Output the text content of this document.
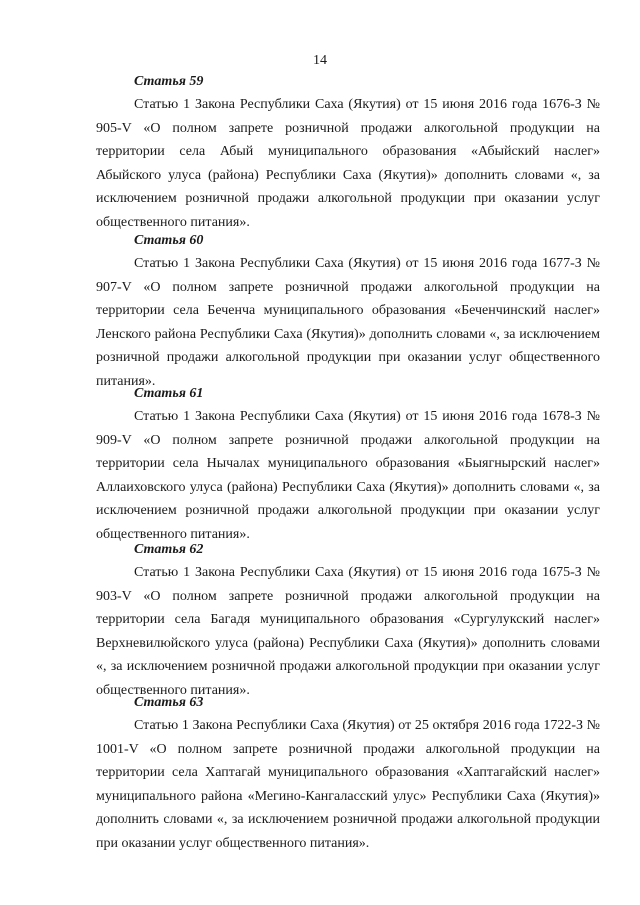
14

Статья 59

Статью 1 Закона Республики Саха (Якутия) от 15 июня 2016 года 1676-З № 905-V «О полном запрете розничной продажи алкогольной продукции на территории села Абый муниципального образования «Абыйский наслег» Абыйского улуса (района) Республики Саха (Якутия)» дополнить словами «, за исключением розничной продажи алкогольной продукции при оказании услуг общественного питания».

Статья 60

Статью 1 Закона Республики Саха (Якутия) от 15 июня 2016 года 1677-З № 907-V «О полном запрете розничной продажи алкогольной продукции на территории села Беченча муниципального образования «Беченчинский наслег» Ленского района Республики Саха (Якутия)» дополнить словами «, за исключением розничной продажи алкогольной продукции при оказании услуг общественного питания».

Статья 61

Статью 1 Закона Республики Саха (Якутия) от 15 июня 2016 года 1678-З № 909-V «О полном запрете розничной продажи алкогольной продукции на территории села Нычалах муниципального образования «Быягнырский наслег» Аллаиховского улуса (района) Республики Саха (Якутия)» дополнить словами «, за исключением розничной продажи алкогольной продукции при оказании услуг общественного питания».

Статья 62

Статью 1 Закона Республики Саха (Якутия) от 15 июня 2016 года 1675-З № 903-V «О полном запрете розничной продажи алкогольной продукции на территории села Багадя муниципального образования «Сургулукский наслег» Верхневилюйского улуса (района) Республики Саха (Якутия)» дополнить словами «, за исключением розничной продажи алкогольной продукции при оказании услуг общественного питания».

Статья 63

Статью 1 Закона Республики Саха (Якутия) от 25 октября 2016 года 1722-З № 1001-V «О полном запрете розничной продажи алкогольной продукции на территории села Хаптагай муниципального образования «Хаптагайский наслег» муниципального района «Мегино-Кангаласский улус» Республики Саха (Якутия)» дополнить словами «, за исключением розничной продажи алкогольной продукции при оказании услуг общественного питания».
